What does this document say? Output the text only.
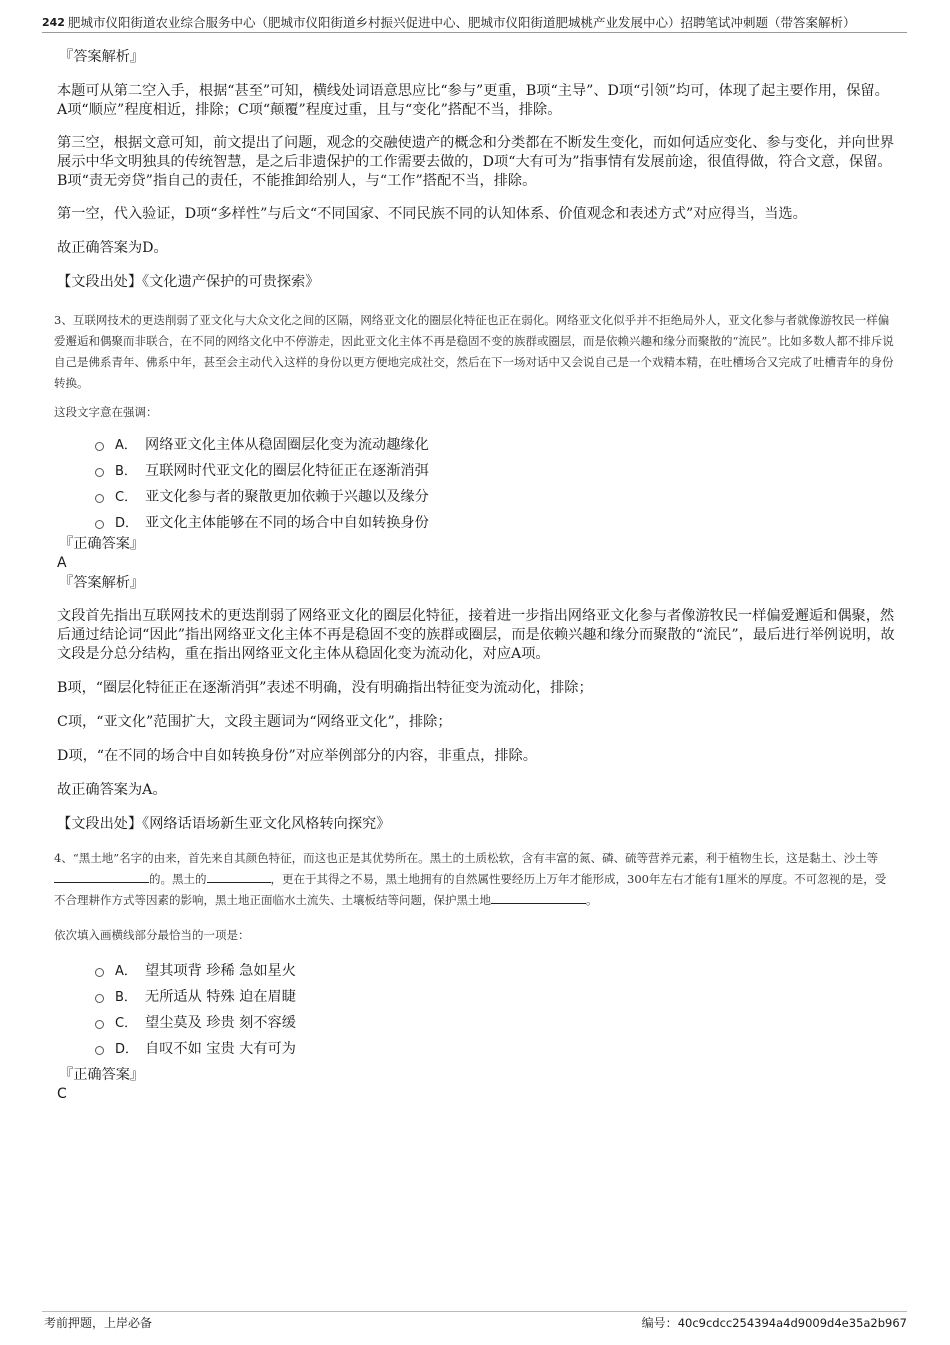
242 肥城市仪阳街道农业综合服务中心（肥城市仪阳街道乡村振兴促进中心、肥城市仪阳街道肥城桃产业发展中心）招聘笔试冲刺题（带答案解析）
『答案解析』

本题可从第二空入手，根据“甚至”可知，横线处词语意思应比“参与”更重，B项“主导”、D项“引领”均可，体现了起主要作用，保留。A项“顺应”程度相近，排除；C项“颠覆”程度过重，且与“变化”搭配不当，排除。

第三空，根据文意可知，前文提出了问题，观念的交融使遗产的概念和分类都在不断发生变化，而如何适应变化、参与变化，并向世界展示中华文明独具的传统智慧，是之后非遗保护的工作需要去做的，D项“大有可为”指事情有发展前途，很值得做，符合文意，保留。B项“责无旁贷”指自己的责任，不能推卸给别人，与“工作”搭配不当，排除。

第一空，代入验证，D项“多样性”与后文“不同国家、不同民族不同的认知体系、价值观念和表述方式”对应得当，当选。

故正确答案为D。

【文段出处】《文化遗产保护的可贵探索》

3、互联网技术的更迭削弱了亚文化与大众文化之间的区隔，网络亚文化的圈层化特征也正在弱化。网络亚文化似乎并不拒绝局外人，亚文化参与者就像游牧民一样偏爱邂逅和偶聚而非联合，在不同的网络文化中不停游走，因此亚文化主体不再是稳固不变的族群或圈层，而是依赖兴趣和缘分而聚散的“流民”。比如多数人都不排斥说自己是佛系青年、佛系中年，甚至会主动代入这样的身份以更方便地完成社交，然后在下一场对话中又会说自己是一个戏精本精，在吐槽场合又完成了吐槽青年的身份转换。

这段文字意在强调：

A． 网络亚文化主体从稳固圈层化变为流动趣缘化
B． 互联网时代亚文化的圈层化特征正在逐渐消弭
C． 亚文化参与者的聚散更加依赖于兴趣以及缘分
D． 亚文化主体能够在不同的场合中自如转换身份
『正确答案』
A
『答案解析』

文段首先指出互联网技术的更迭削弱了网络亚文化的圈层化特征，接着进一步指出网络亚文化参与者像游牧民一样偏爱邂逅和偶聚，然后通过结论词“因此”指出网络亚文化主体不再是稳固不变的族群或圈层，而是依赖兴趣和缘分而聚散的“流民”，最后进行举例说明，故文段是分总分结构，重在指出网络亚文化主体从稳固化变为流动化，对应A项。

B项，“圈层化特征正在逐渐消弭”表述不明确，没有明确指出特征变为流动化，排除；

C项，“亚文化”范围扩大，文段主题词为“网络亚文化”，排除；

D项，“在不同的场合中自如转换身份”对应举例部分的内容，非重点，排除。

故正确答案为A。

【文段出处】《网络话语场新生亚文化风格转向探究》

4、“黑土地”名字的由来，首先来自其颜色特征，而这也正是其优势所在。黑土的土质松软，含有丰富的氮、磷、硫等营养元素，利于植物生长，这是黏土、沙土等的。黑土的	，更在于其得之不易，黑土地拥有的自然属性要经历上万年才能形成，300年左右才能有1厘米的厚度。不可忽视的是，受不合理耕作方式等因素的影响，黑土地正面临水土流失、土壤板结等问题，保护黑土地	。

依次填入画横线部分最恰当的一项是：

A． 望其项背 珍稀 急如星火
B． 无所适从 特殊 迫在眉睫
C． 望尘莫及 珍贵 刻不容缓
D． 自叹不如 宝贵 大有可为
『正确答案』
C
考前押题，上岸必备	编号：40c9cdcc254394a4d9009d4e35a2b967
